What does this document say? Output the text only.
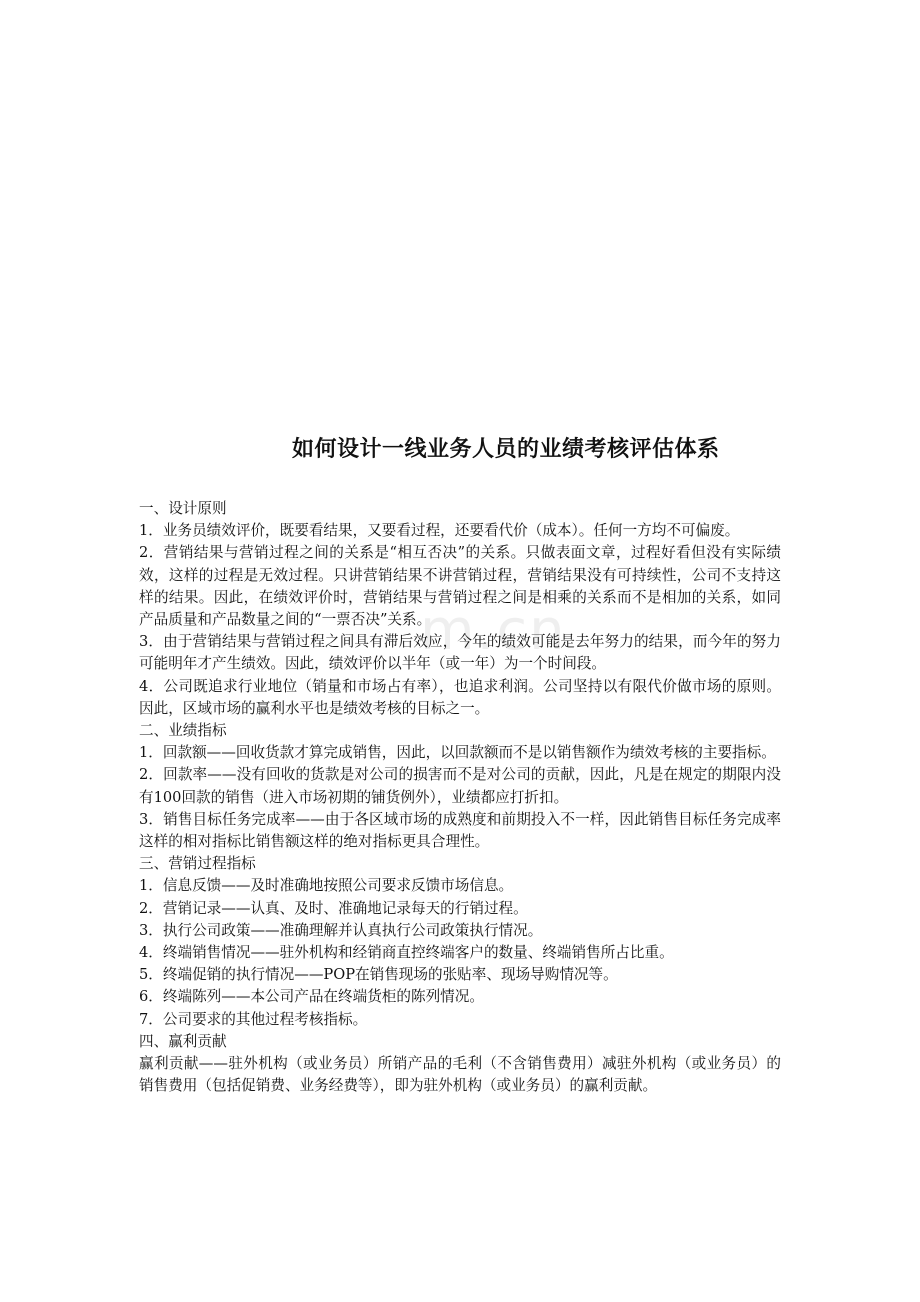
m.cn
如何设计一线业务人员的业绩考核评估体系

一、设计原则

1．业务员绩效评价，既要看结果，又要看过程，还要看代价（成本）。任何一方均不可偏废。

2．营销结果与营销过程之间的关系是“相互否决”的关系。只做表面文章，过程好看但没有实际绩效，这样的过程是无效过程。只讲营销结果不讲营销过程，营销结果没有可持续性，公司不支持这样的结果。因此，在绩效评价时，营销结果与营销过程之间是相乘的关系而不是相加的关系，如同产品质量和产品数量之间的“一票否决”关系。

3．由于营销结果与营销过程之间具有滞后效应，今年的绩效可能是去年努力的结果，而今年的努力可能明年才产生绩效。因此，绩效评价以半年（或一年）为一个时间段。

4．公司既追求行业地位（销量和市场占有率），也追求利润。公司坚持以有限代价做市场的原则。因此，区域市场的赢利水平也是绩效考核的目标之一。

二、业绩指标

1．回款额——回收货款才算完成销售，因此，以回款额而不是以销售额作为绩效考核的主要指标。

2．回款率——没有回收的货款是对公司的损害而不是对公司的贡献，因此，凡是在规定的期限内没有100回款的销售（进入市场初期的铺货例外），业绩都应打折扣。

3．销售目标任务完成率——由于各区域市场的成熟度和前期投入不一样，因此销售目标任务完成率这样的相对指标比销售额这样的绝对指标更具合理性。

三、营销过程指标

1．信息反馈——及时准确地按照公司要求反馈市场信息。

2．营销记录——认真、及时、准确地记录每天的行销过程。

3．执行公司政策——准确理解并认真执行公司政策执行情况。

4．终端销售情况——驻外机构和经销商直控终端客户的数量、终端销售所占比重。

5．终端促销的执行情况——POP在销售现场的张贴率、现场导购情况等。

6．终端陈列——本公司产品在终端货柜的陈列情况。

7．公司要求的其他过程考核指标。

四、赢利贡献

赢利贡献——驻外机构（或业务员）所销产品的毛利（不含销售费用）减驻外机构（或业务员）的销售费用（包括促销费、业务经费等），即为驻外机构（或业务员）的赢利贡献。
